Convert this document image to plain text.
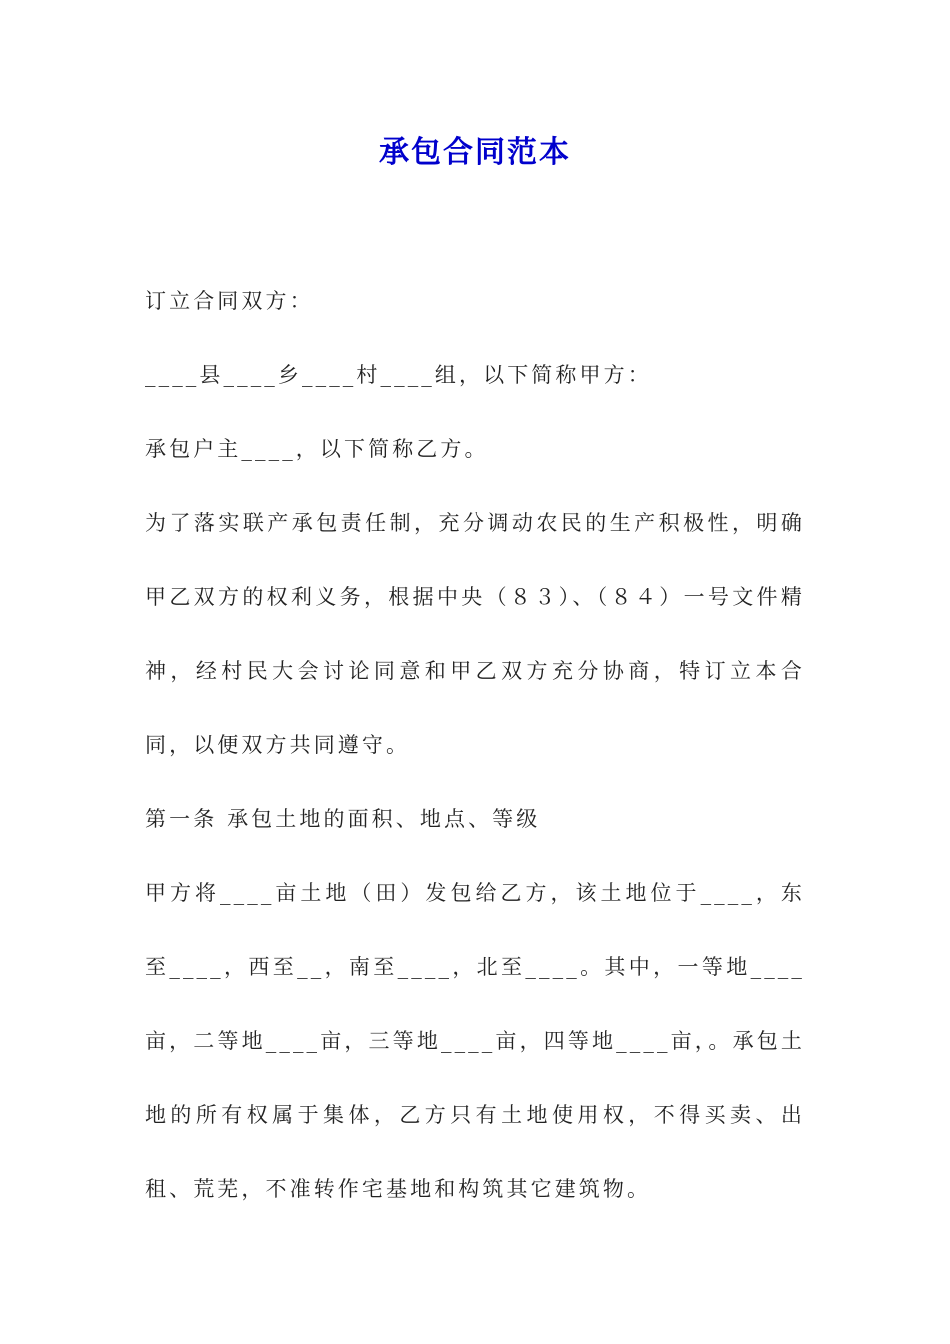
承包合同范本

订立合同双方：

____县____乡____村____组，以下简称甲方：

承包户主____，以下简称乙方。

为了落实联产承包责任制，充分调动农民的生产积极性，明确甲乙双方的权利义务，根据中央（８３）、（８４）一号文件精神，经村民大会讨论同意和甲乙双方充分协商，特订立本合同，以便双方共同遵守。

第一条 承包土地的面积、地点、等级

甲方将____亩土地（田）发包给乙方，该土地位于____，东至____，西至__，南至____，北至____。其中，一等地____亩，二等地____亩，三等地____亩，四等地____亩，。承包土地的所有权属于集体，乙方只有土地使用权，不得买卖、出租、荒芜，不准转作宅基地和构筑其它建筑物。
